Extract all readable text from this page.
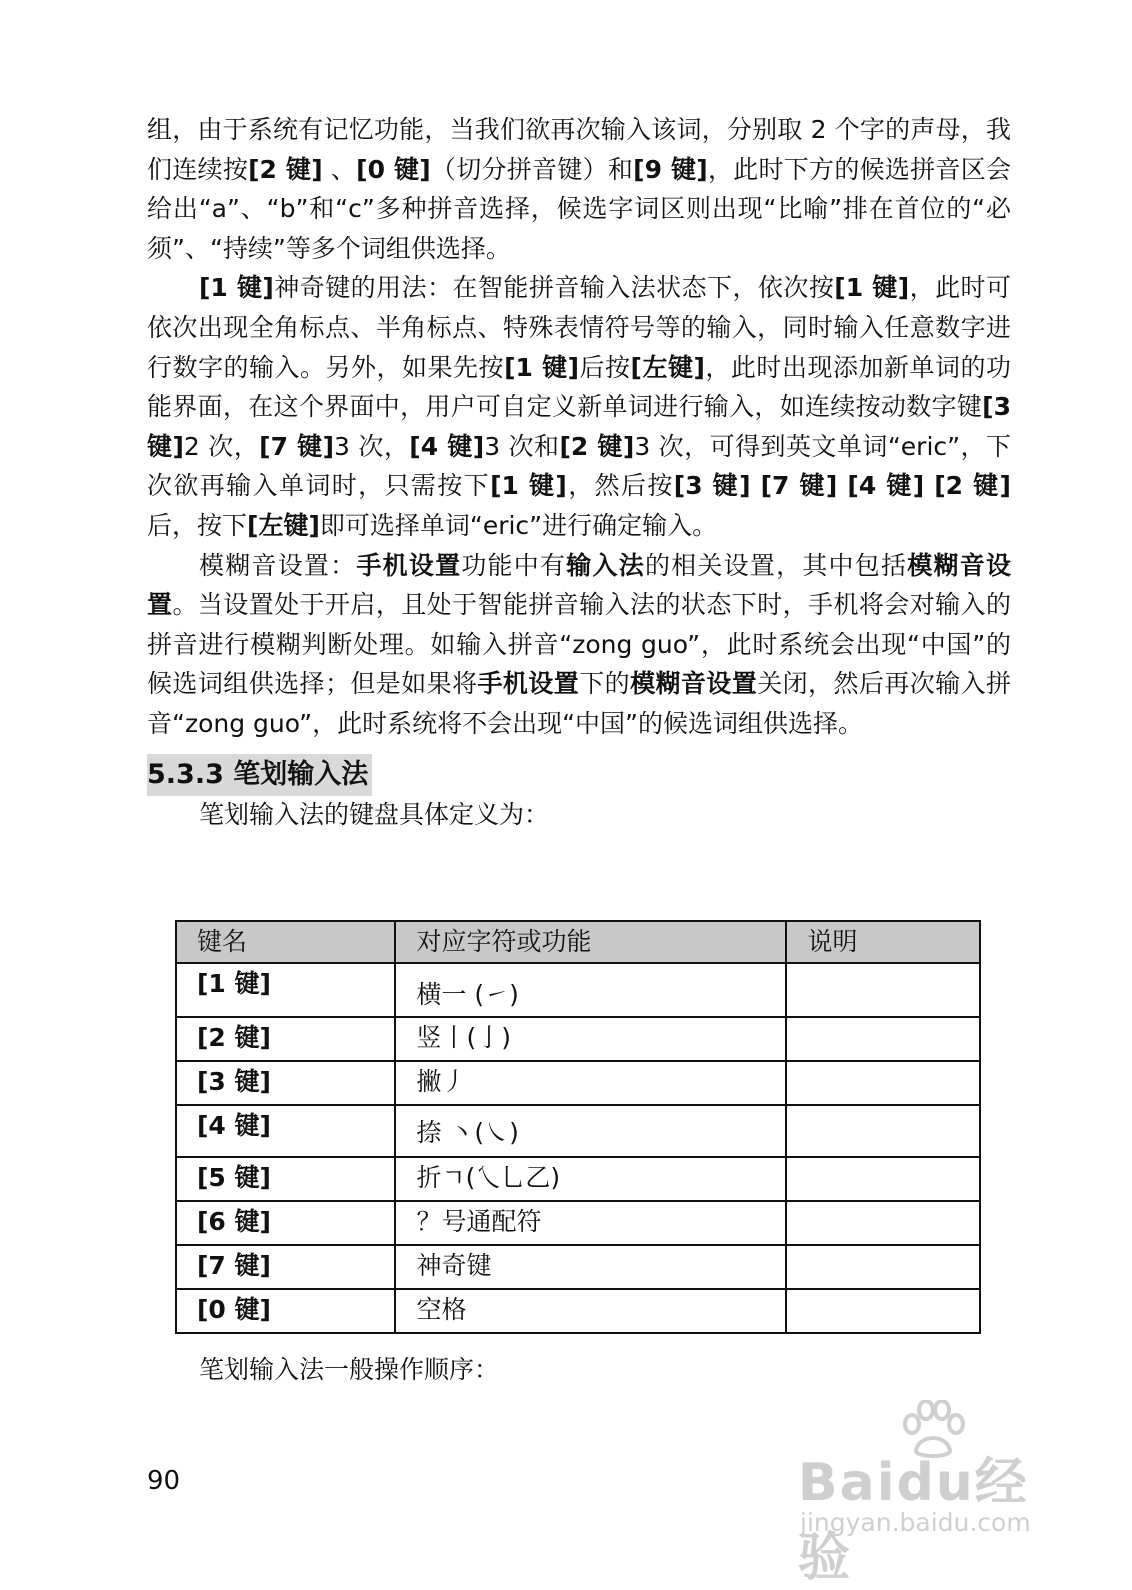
组，由于系统有记忆功能，当我们欲再次输入该词，分别取 2 个字的声母，我们连续按[2 键] 、[0 键]（切分拼音键）和[9 键]，此时下方的候选拼音区会给出“a”、“b”和“c”多种拼音选择，候选字词区则出现“比喻”排在首位的“必须”、“持续”等多个词组供选择。

[1 键]神奇键的用法：在智能拼音输入法状态下，依次按[1 键]，此时可依次出现全角标点、半角标点、特殊表情符号等的输入，同时输入任意数字进行数字的输入。另外，如果先按[1 键]后按[左键]，此时出现添加新单词的功能界面，在这个界面中，用户可自定义新单词进行输入，如连续按动数字键[3 键]2 次，[7 键]3 次，[4 键]3 次和[2 键]3 次，可得到英文单词“eric”，下次欲再输入单词时，只需按下[1 键]，然后按[3 键] [7 键] [4 键] [2 键]后，按下[左键]即可选择单词“eric”进行确定输入。

模糊音设置：手机设置功能中有输入法的相关设置，其中包括模糊音设置。当设置处于开启，且处于智能拼音输入法的状态下时，手机将会对输入的拼音进行模糊判断处理。如输入拼音“zong guo”，此时系统会出现“中国”的候选词组供选择；但是如果将手机设置下的模糊音设置关闭，然后再次输入拼音“zong guo”，此时系统将不会出现“中国”的候选词组供选择。

5.3.3 笔划输入法
笔划输入法的键盘具体定义为：
键名	对应字符或功能	说明
[1 键]	横一 (㇀)	
[2 键]	竖丨(亅)	
[3 键]	撇丿	
[4 键]	捺 丶(㇏)	
[5 键]	折ㄱ(乀乚乙)	
[6 键]	？号通配符	
[7 键]	神奇键	
[0 键]	空格	
笔划输入法一般操作顺序：
90	Baidu经验
jingyan.baidu.com
